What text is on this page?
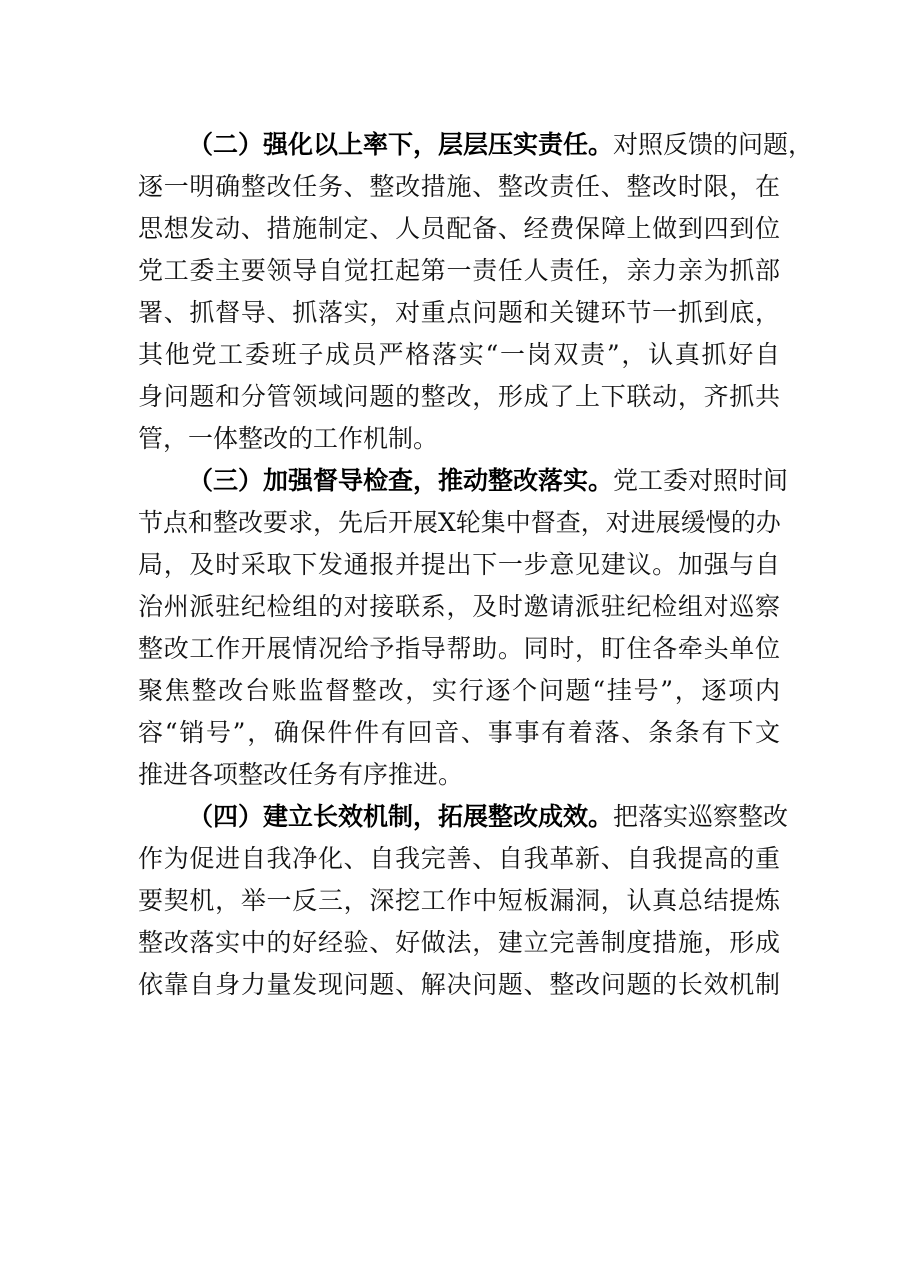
（二）强化以上率下，层层压实责任。对照反馈的问题，
逐一明确整改任务、整改措施、整改责任、整改时限，在
思想发动、措施制定、人员配备、经费保障上做到四到位
党工委主要领导自觉扛起第一责任人责任，亲力亲为抓部
署、抓督导、抓落实，对重点问题和关键环节一抓到底，
其他党工委班子成员严格落实“一岗双责”，认真抓好自
身问题和分管领域问题的整改，形成了上下联动，齐抓共
管，一体整改的工作机制。
（三）加强督导检查，推动整改落实。党工委对照时间
节点和整改要求，先后开展X轮集中督查，对进展缓慢的办
局，及时采取下发通报并提出下一步意见建议。加强与自
治州派驻纪检组的对接联系，及时邀请派驻纪检组对巡察
整改工作开展情况给予指导帮助。同时，盯住各牵头单位
聚焦整改台账监督整改，实行逐个问题“挂号”，逐项内
容“销号”，确保件件有回音、事事有着落、条条有下文
推进各项整改任务有序推进。
（四）建立长效机制，拓展整改成效。把落实巡察整改
作为促进自我净化、自我完善、自我革新、自我提高的重
要契机，举一反三，深挖工作中短板漏洞，认真总结提炼
整改落实中的好经验、好做法，建立完善制度措施，形成
依靠自身力量发现问题、解决问题、整改问题的长效机制
